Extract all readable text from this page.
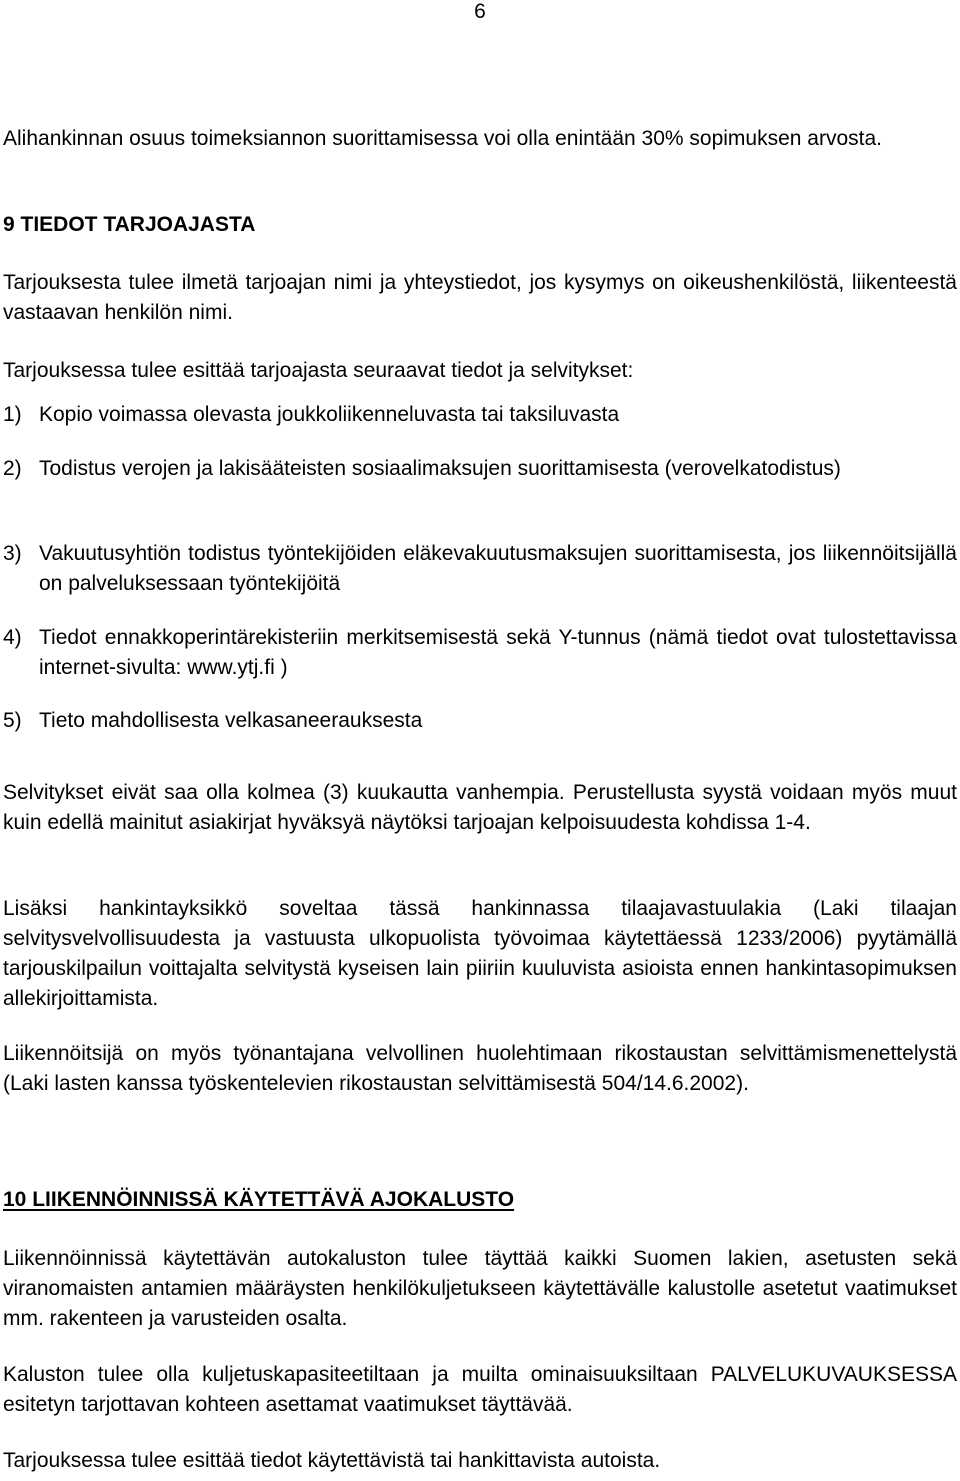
6

Alihankinnan osuus toimeksiannon suorittamisessa voi olla enintään 30% sopimuksen arvosta.

9 TIEDOT TARJOAJASTA

Tarjouksesta tulee ilmetä tarjoajan nimi ja yhteystiedot, jos kysymys on oikeushenkilöstä, liikenteestä vastaavan henkilön nimi.

Tarjouksessa tulee esittää tarjoajasta seuraavat tiedot ja selvitykset:

1) Kopio voimassa olevasta joukkoliikenneluvasta tai taksiluvasta
2) Todistus verojen ja lakisääteisten sosiaalimaksujen suorittamisesta (verovelkatodistus)
3) Vakuutusyhtiön todistus työntekijöiden eläkevakuutusmaksujen suorittamisesta, jos liikennöitsijällä on palveluksessaan työntekijöitä
4) Tiedot ennakkoperintärekisteriin merkitsemisestä sekä Y-tunnus (nämä tiedot ovat tulostettavissa internet-sivulta: www.ytj.fi )
5) Tieto mahdollisesta velkasaneerauksesta

Selvitykset eivät saa olla kolmea (3) kuukautta vanhempia. Perustellusta syystä voidaan myös muut kuin edellä mainitut asiakirjat hyväksyä näytöksi tarjoajan kelpoisuudesta kohdissa 1-4.

Lisäksi hankintayksikkö soveltaa tässä hankinnassa tilaajavastuulakia (Laki tilaajan selvitysvelvollisuudesta ja vastuusta ulkopuolista työvoimaa käytettäessä 1233/2006) pyytämällä tarjouskilpailun voittajalta selvitystä kyseisen lain piiriin kuuluvista asioista ennen hankintasopimuksen allekirjoittamista.

Liikennöitsijä on myös työnantajana velvollinen huolehtimaan rikostaustan selvittämismenettelystä (Laki lasten kanssa työskentelevien rikostaustan selvittämisestä 504/14.6.2002).

10 LIIKENNÖINNISSÄ KÄYTETTÄVÄ AJOKALUSTO

Liikennöinnissä käytettävän autokaluston tulee täyttää kaikki Suomen lakien, asetusten sekä viranomaisten antamien määräysten henkilökuljetukseen käytettävälle kalustolle asetetut vaatimukset mm. rakenteen ja varusteiden osalta.

Kaluston tulee olla kuljetuskapasiteetiltaan ja muilta ominaisuuksiltaan PALVELUKUVAUKSESSA esitetyn tarjottavan kohteen asettamat vaatimukset täyttävää.

Tarjouksessa tulee esittää tiedot käytettävistä tai hankittavista autoista.
